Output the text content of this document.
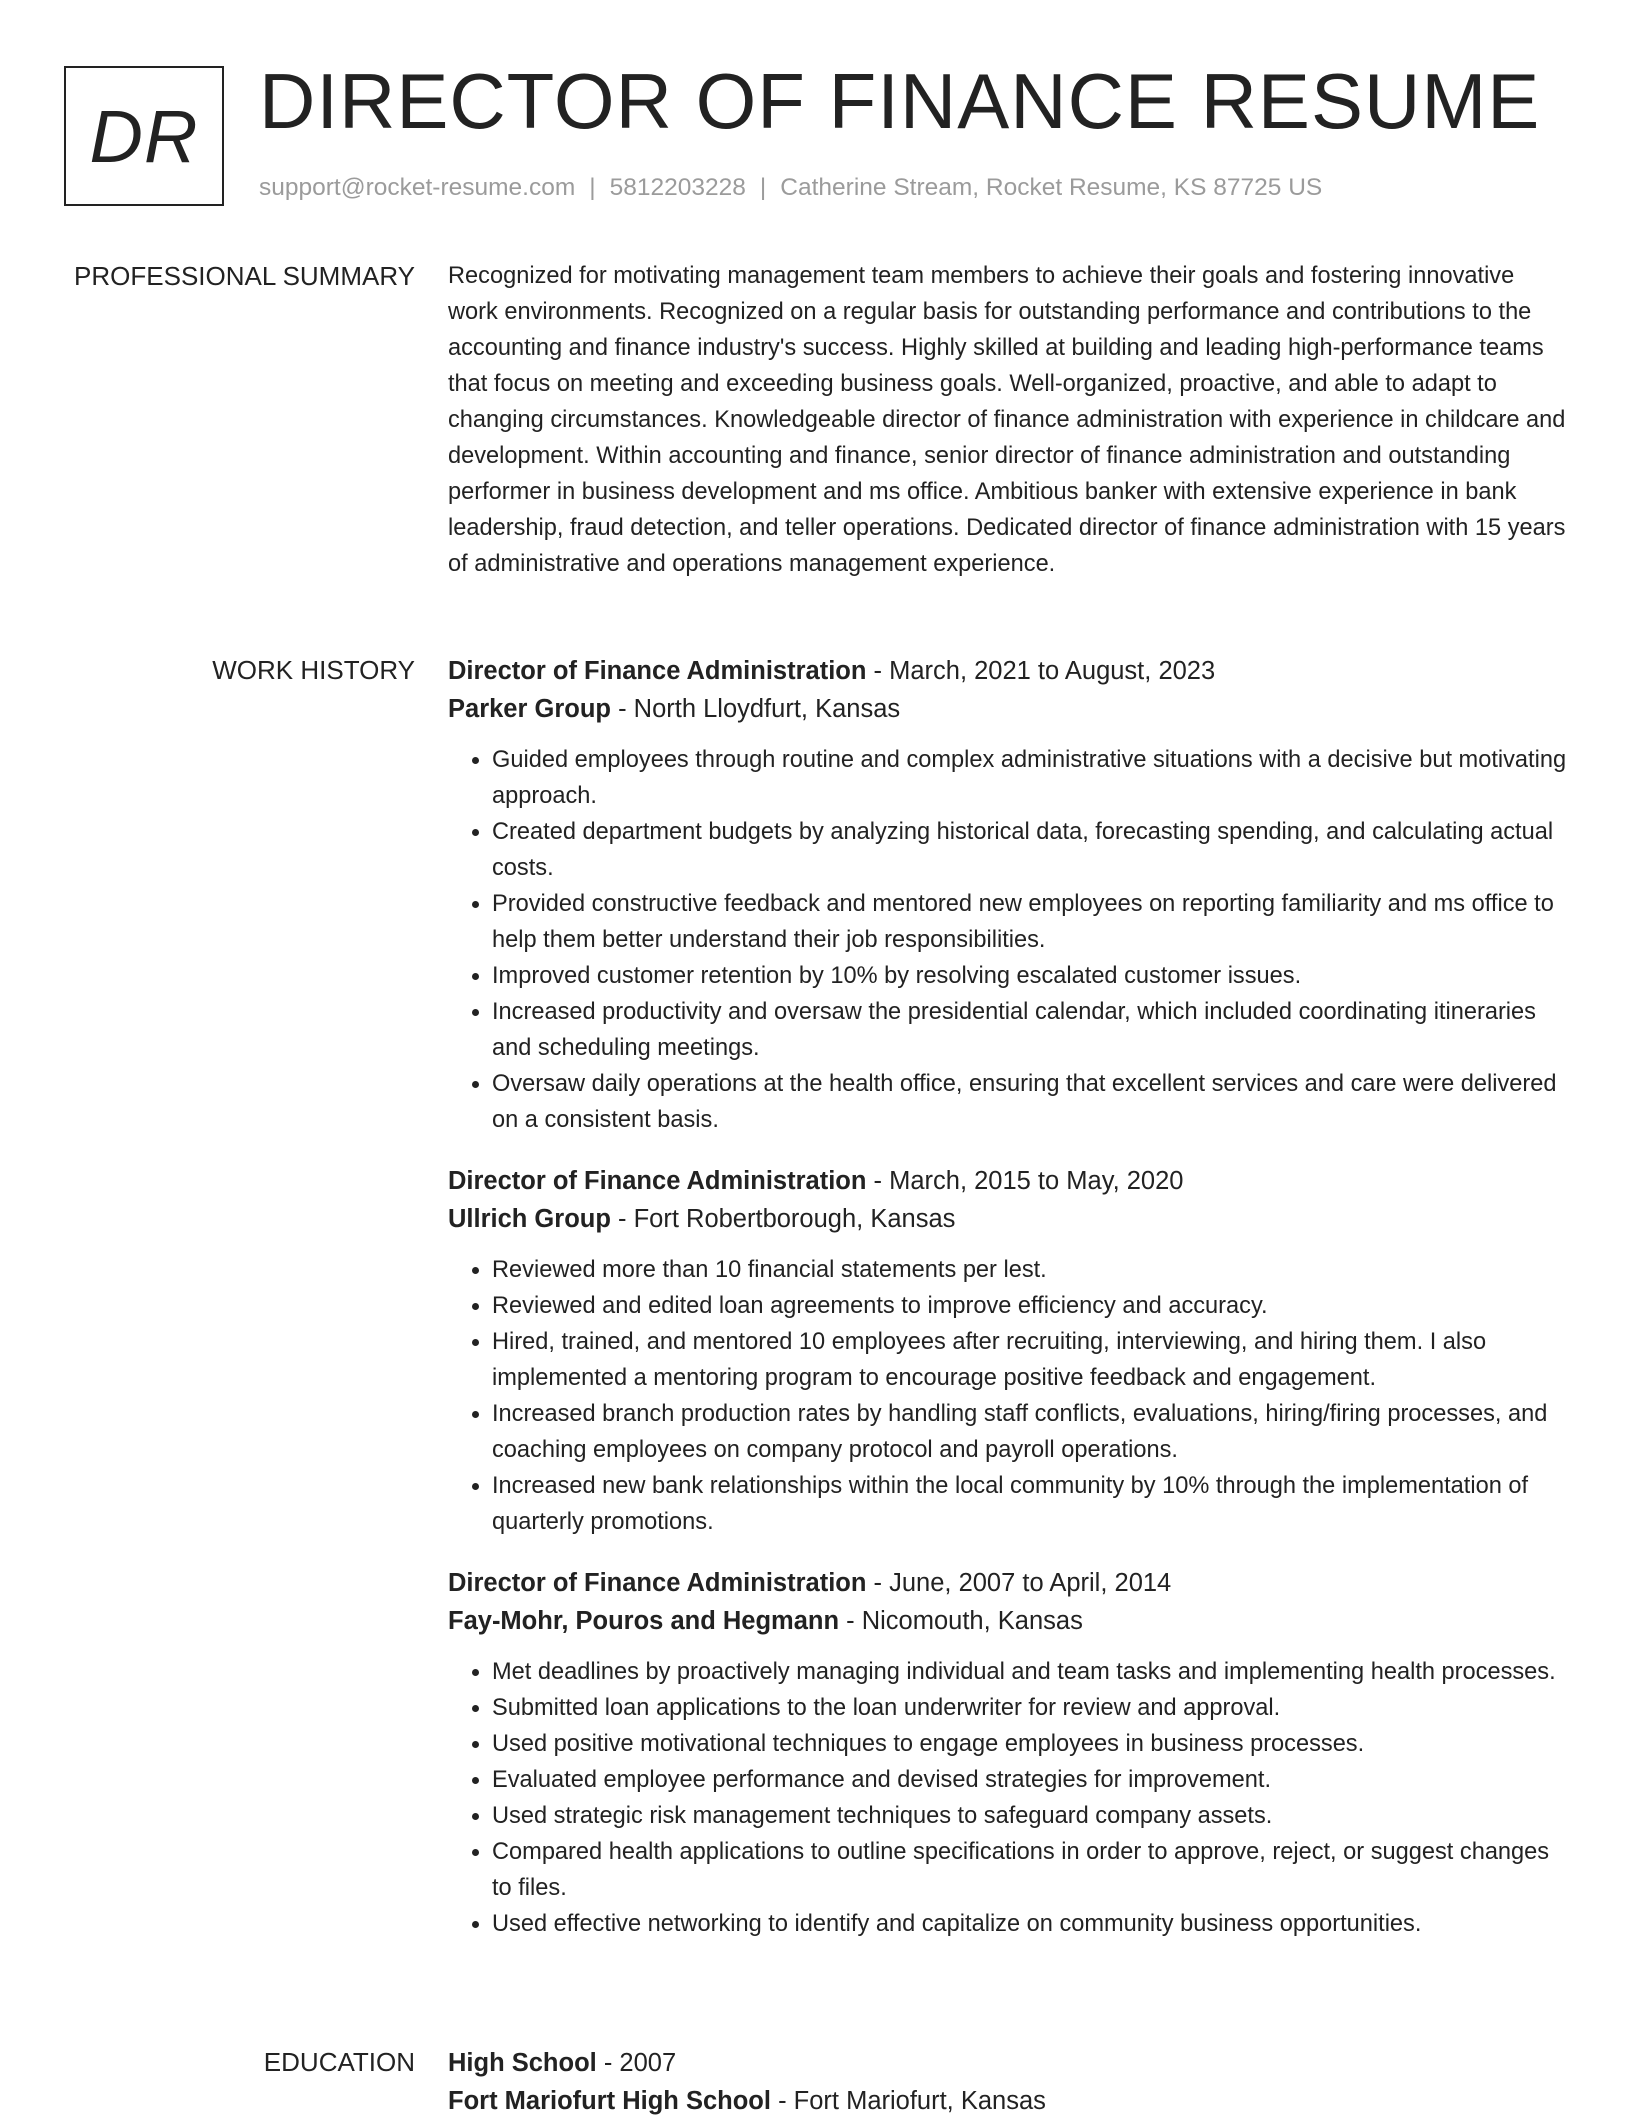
DR DIRECTOR OF FINANCE RESUME
support@rocket-resume.com | 5812203228 | Catherine Stream, Rocket Resume, KS 87725 US
PROFESSIONAL SUMMARY Recognized for motivating management team members to achieve their goals and fostering innovative work environments. Recognized on a regular basis for outstanding performance and contributions to the accounting and finance industry's success. Highly skilled at building and leading high-performance teams that focus on meeting and exceeding business goals. Well-organized, proactive, and able to adapt to changing circumstances. Knowledgeable director of finance administration with experience in childcare and development. Within accounting and finance, senior director of finance administration and outstanding performer in business development and ms office. Ambitious banker with extensive experience in bank leadership, fraud detection, and teller operations. Dedicated director of finance administration with 15 years of administrative and operations management experience.

WORK HISTORY Director of Finance Administration - March, 2021 to August, 2023
Parker Group - North Lloydfurt, Kansas
• Guided employees through routine and complex administrative situations with a decisive but motivating approach.
• Created department budgets by analyzing historical data, forecasting spending, and calculating actual costs.
• Provided constructive feedback and mentored new employees on reporting familiarity and ms office to help them better understand their job responsibilities.
• Improved customer retention by 10% by resolving escalated customer issues.
• Increased productivity and oversaw the presidential calendar, which included coordinating itineraries and scheduling meetings.
• Oversaw daily operations at the health office, ensuring that excellent services and care were delivered on a consistent basis.
Director of Finance Administration - March, 2015 to May, 2020
Ullrich Group - Fort Robertborough, Kansas
• Reviewed more than 10 financial statements per lest.
• Reviewed and edited loan agreements to improve efficiency and accuracy.
• Hired, trained, and mentored 10 employees after recruiting, interviewing, and hiring them. I also implemented a mentoring program to encourage positive feedback and engagement.
• Increased branch production rates by handling staff conflicts, evaluations, hiring/firing processes, and coaching employees on company protocol and payroll operations.
• Increased new bank relationships within the local community by 10% through the implementation of quarterly promotions.
Director of Finance Administration - June, 2007 to April, 2014
Fay-Mohr, Pouros and Hegmann - Nicomouth, Kansas
• Met deadlines by proactively managing individual and team tasks and implementing health processes.
• Submitted loan applications to the loan underwriter for review and approval.
• Used positive motivational techniques to engage employees in business processes.
• Evaluated employee performance and devised strategies for improvement.
• Used strategic risk management techniques to safeguard company assets.
• Compared health applications to outline specifications in order to approve, reject, or suggest changes to files.
• Used effective networking to identify and capitalize on community business opportunities.
EDUCATION High School - 2007
Fort Mariofurt High School - Fort Mariofurt, Kansas
